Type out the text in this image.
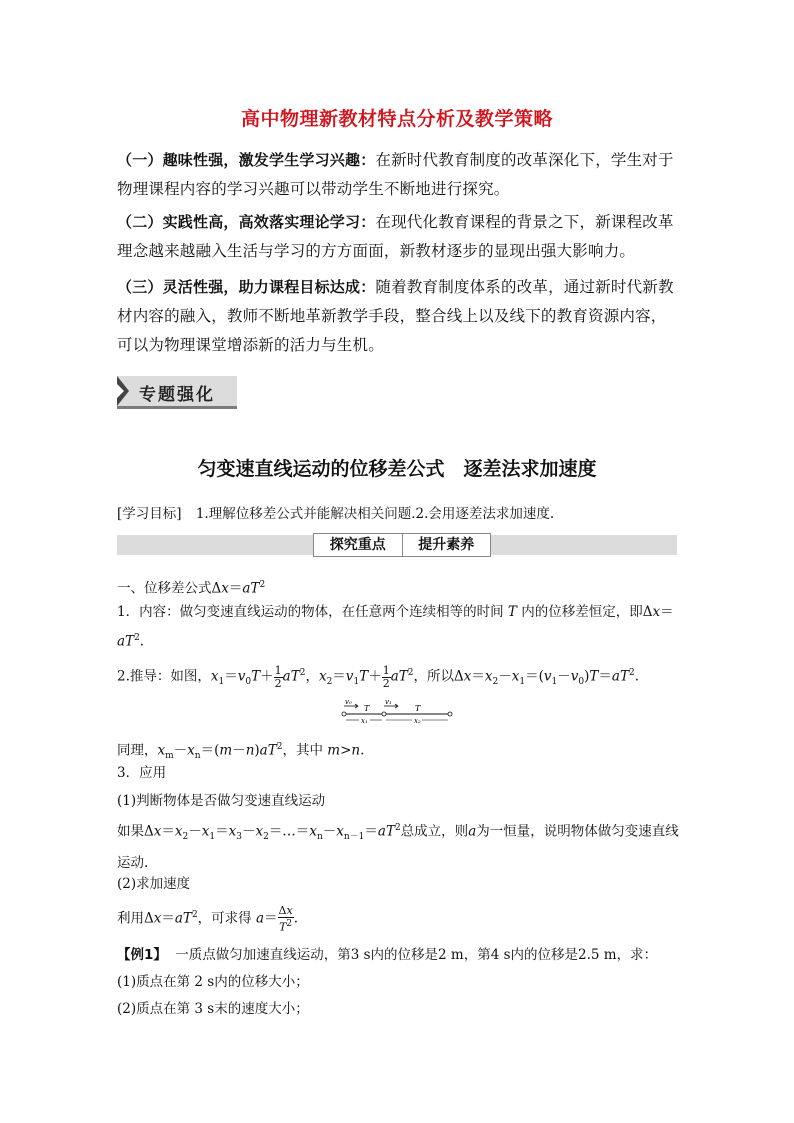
高中物理新教材特点分析及教学策略
（一）趣味性强，激发学生学习兴趣：在新时代教育制度的改革深化下，学生对于物理课程内容的学习兴趣可以带动学生不断地进行探究。
（二）实践性高，高效落实理论学习：在现代化教育课程的背景之下，新课程改革理念越来越融入生活与学习的方方面面，新教材逐步的显现出强大影响力。
（三）灵活性强，助力课程目标达成：随着教育制度体系的改革，通过新时代新教材内容的融入，教师不断地革新教学手段，整合线上以及线下的教育资源内容，可以为物理课堂增添新的活力与生机。
专题强化
匀变速直线运动的位移差公式　逐差法求加速度
[学习目标] 1.理解位移差公式并能解决相关问题.2.会用逐差法求加速度.
探究重点	提升素养
一、位移差公式$\Delta x=aT^2$
1．内容：做匀变速直线运动的物体，在任意两个连续相等的时间 T 内的位移差恒定，即Δx＝
$aT^2$.
2.推导：如图，$x_1=v_0T+ \frac{1}{2} aT^2$，$x_2=v_1T+ \frac{1}{2} aT^2$，所以$\Delta x=x_2-x_1=(v_1-v_0)T=aT^2$.
v₀	v₁
T	T
x₁	x₂
同理，$x_m-x_n=(m-n)aT^2$，其中 m>n.
3．应用
(1)判断物体是否做匀变速直线运动
如果$\Delta x=x_2-x_1=x_3-x_2=\dots=x_n-x_{n-1}=aT^2$总成立，则a为一恒量，说明物体做匀变速直线运动.
(2)求加速度
利用$\Delta x=aT^2$，可求得 $a= \frac{\Delta x}{T^2}$ .
【例1】 一质点做匀加速直线运动，第3 s内的位移是2 m，第4 s内的位移是2.5 m，求：
(1)质点在第 2 s内的位移大小；
(2)质点在第 3 s末的速度大小；
